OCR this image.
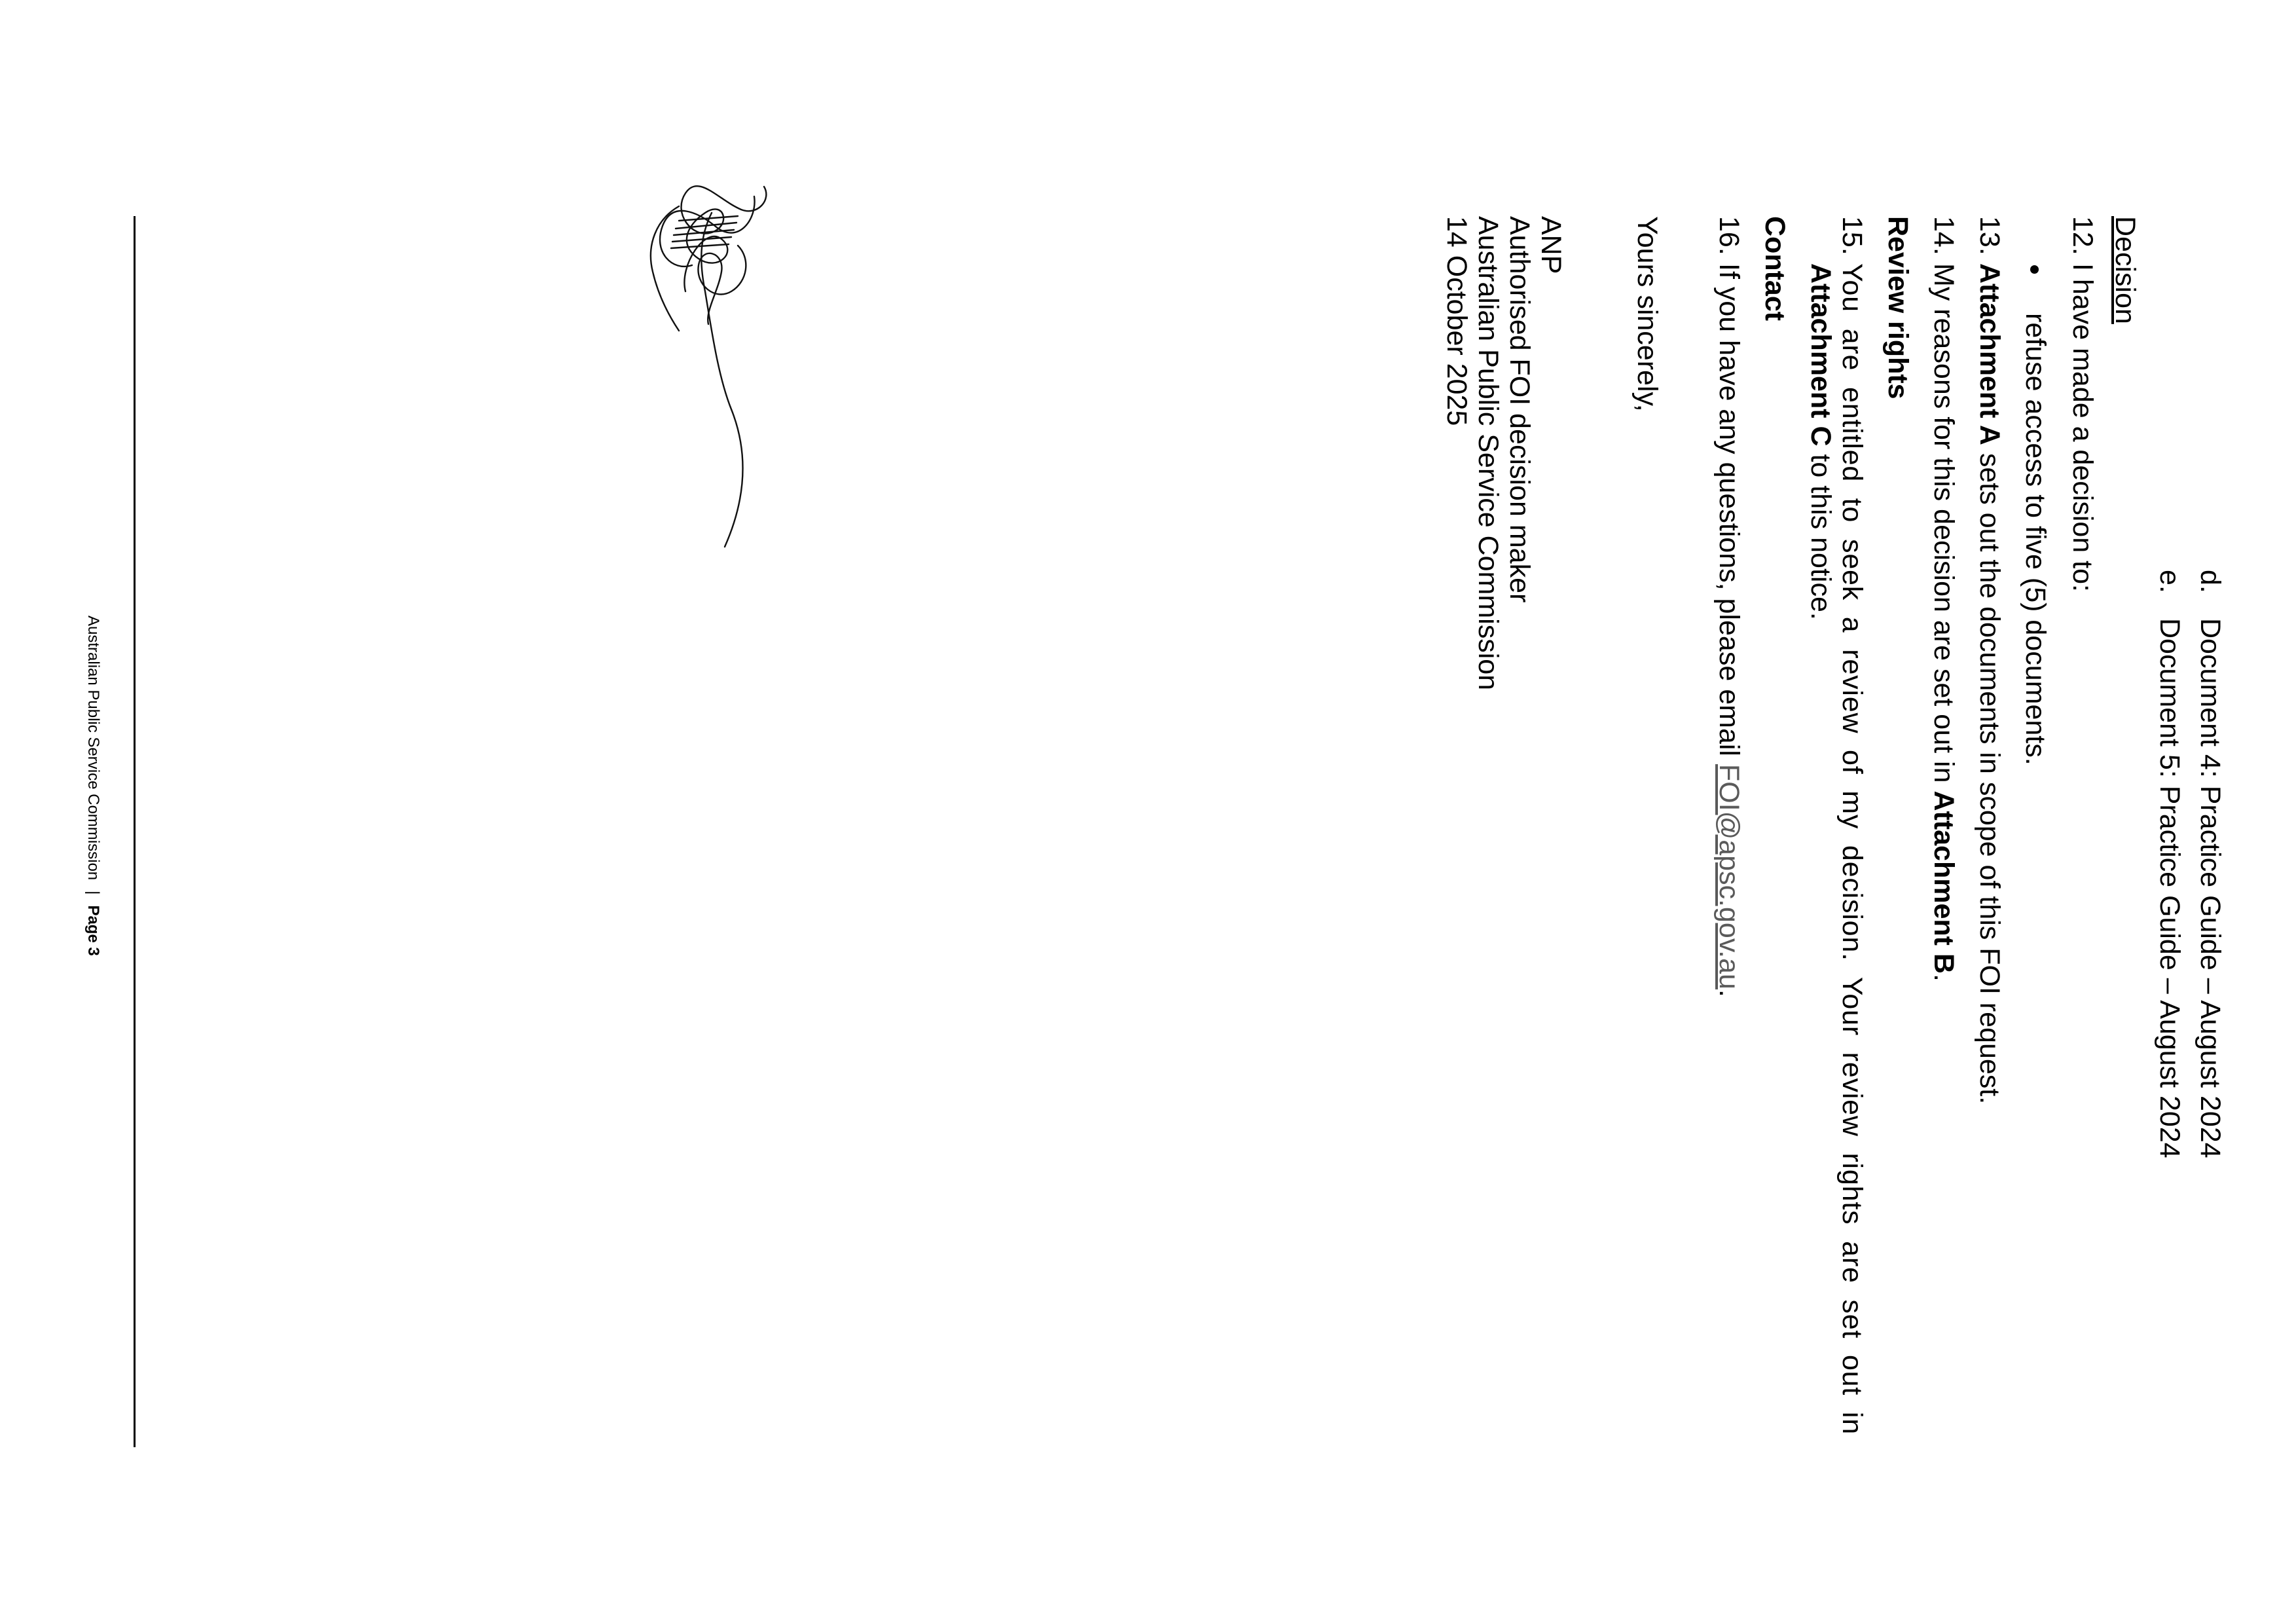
d.Document 4: Practice Guide – August 2024
e.Document 5: Practice Guide – August 2024
Decision
12.I have made a decision to:
refuse access to five (5) documents.
13.Attachment A sets out the documents in scope of this FOI request.
14.My reasons for this decision are set out in Attachment B.
Review rights
15.You are entitled to seek a review of my decision. Your review rights are set out in
Attachment C to this notice.
Contact
16.If you have any questions, please email FOI@apsc.gov.au.
Yours sincerely,
ANP
Authorised FOI decision maker
Australian Public Service Commission
14 October 2025
Australian Public Service Commission|Page 3
